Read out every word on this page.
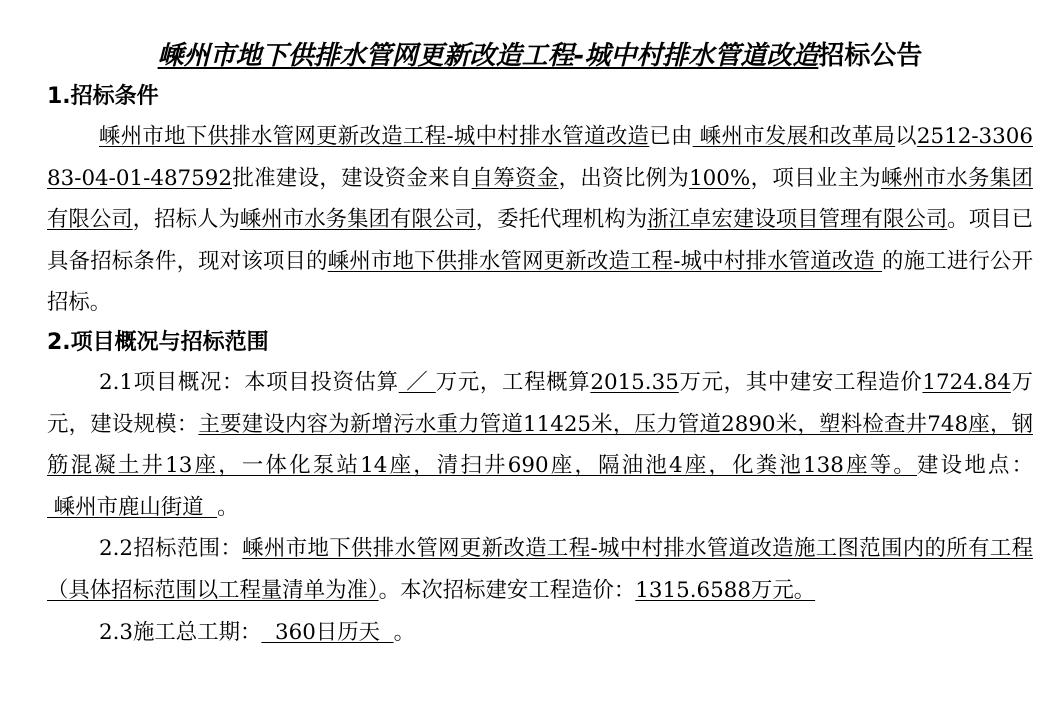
嵊州市地下供排水管网更新改造工程-城中村排水管道改造招标公告
1.招标条件

嵊州市地下供排水管网更新改造工程-城中村排水管道改造已由 嵊州市发展和改革局以2512-330683-04-01-487592批准建设，建设资金来自自筹资金，出资比例为100%，项目业主为嵊州市水务集团有限公司，招标人为嵊州市水务集团有限公司，委托代理机构为浙江卓宏建设项目管理有限公司。项目已具备招标条件，现对该项目的嵊州市地下供排水管网更新改造工程-城中村排水管道改造 的施工进行公开招标。

2.项目概况与招标范围

2.1项目概况：本项目投资估算 ／ 万元，工程概算2015.35万元，其中建安工程造价1724.84万元，建设规模：主要建设内容为新增污水重力管道11425米，压力管道2890米，塑料检查井748座，钢筋混凝土井13座，一体化泵站14座，清扫井690座，隔油池4座，化粪池138座等。建设地点： 嵊州市鹿山街道  。

2.2招标范围：嵊州市地下供排水管网更新改造工程-城中村排水管道改造施工图范围内的所有工程（具体招标范围以工程量清单为准）。本次招标建安工程造价：1315.6588万元。

2.3施工总工期：  360日历天  。
